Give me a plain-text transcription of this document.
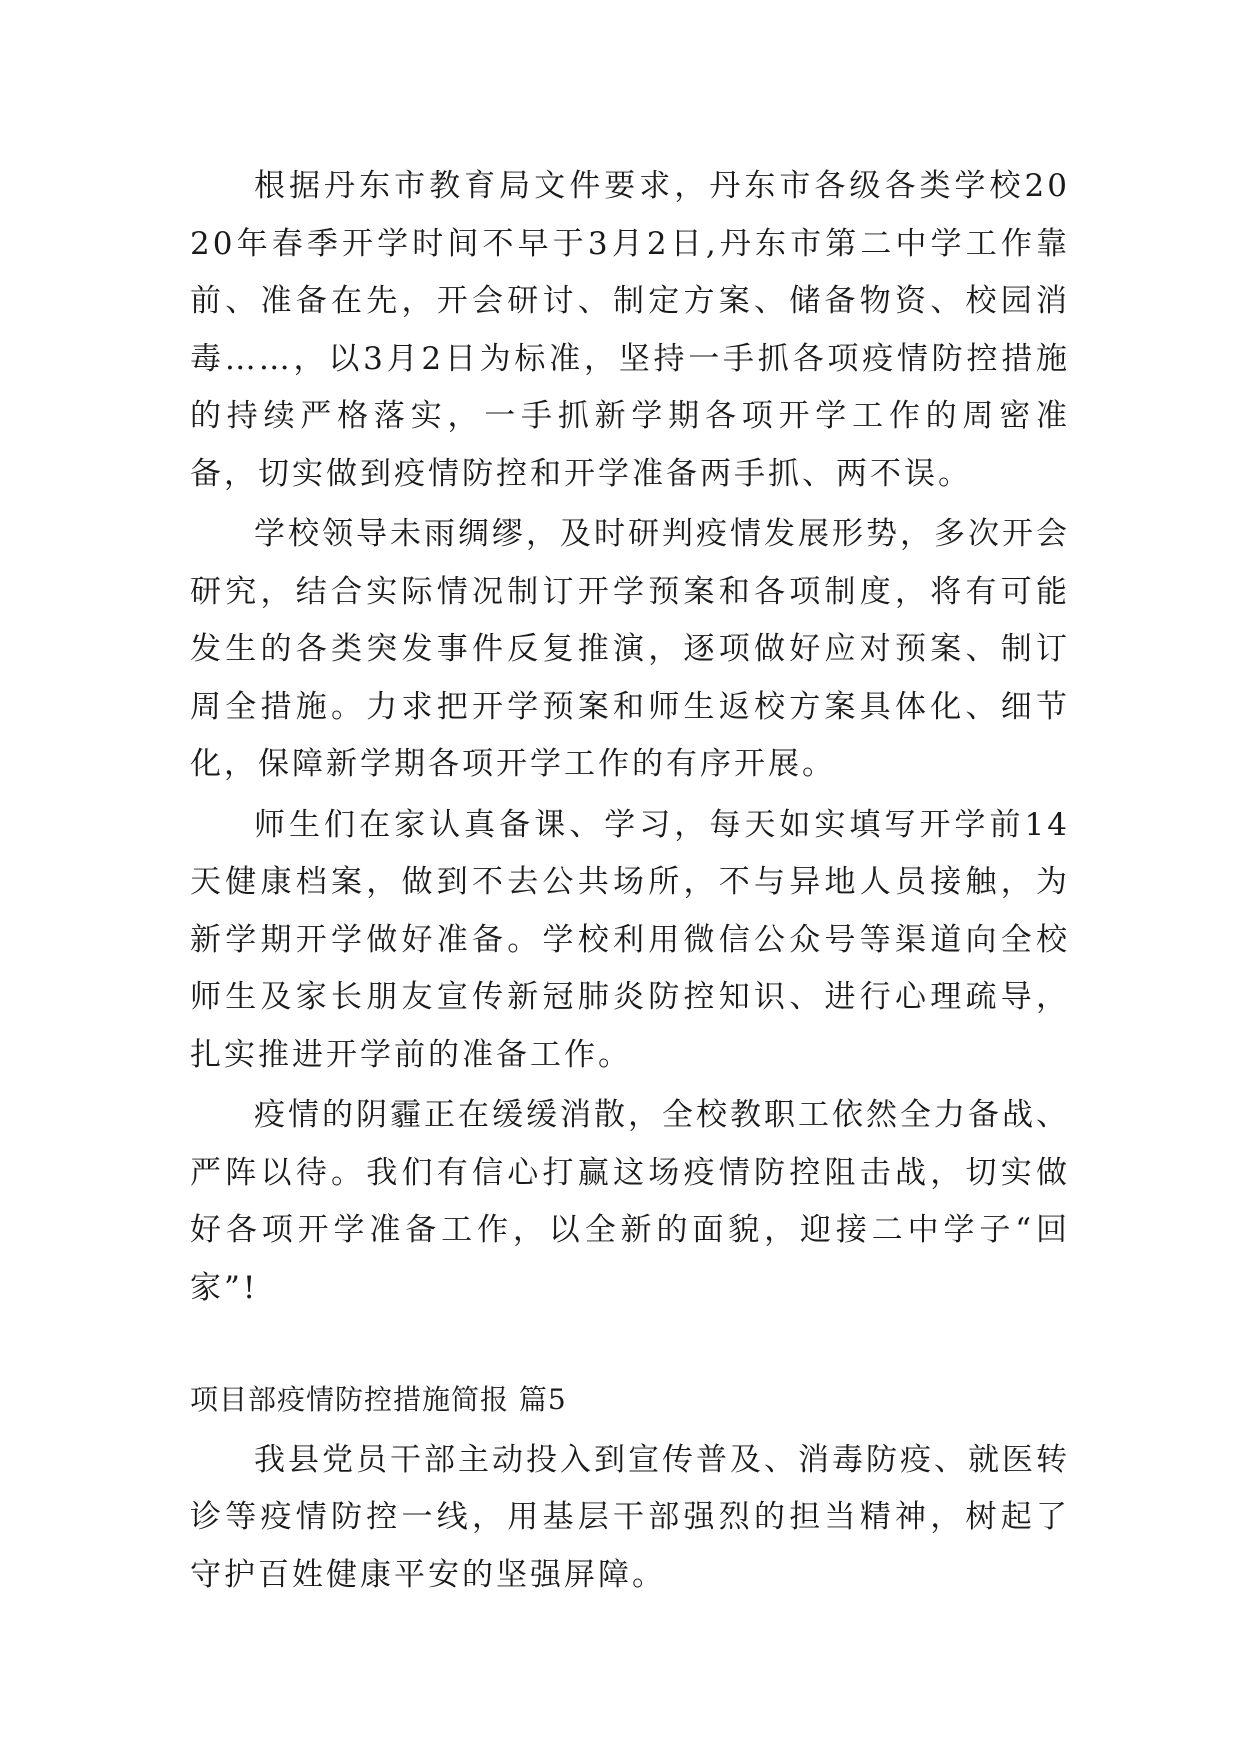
根据丹东市教育局文件要求，丹东市各级各类学校2020年春季开学时间不早于3月2日,丹东市第二中学工作靠前、准备在先，开会研讨、制定方案、储备物资、校园消毒……，以3月2日为标准，坚持一手抓各项疫情防控措施的持续严格落实，一手抓新学期各项开学工作的周密准备，切实做到疫情防控和开学准备两手抓、两不误。

学校领导未雨绸缪，及时研判疫情发展形势，多次开会研究，结合实际情况制订开学预案和各项制度，将有可能发生的各类突发事件反复推演，逐项做好应对预案、制订周全措施。力求把开学预案和师生返校方案具体化、细节化，保障新学期各项开学工作的有序开展。

师生们在家认真备课、学习，每天如实填写开学前14天健康档案，做到不去公共场所，不与异地人员接触，为新学期开学做好准备。学校利用微信公众号等渠道向全校师生及家长朋友宣传新冠肺炎防控知识、进行心理疏导，扎实推进开学前的准备工作。

疫情的阴霾正在缓缓消散，全校教职工依然全力备战、严阵以待。我们有信心打赢这场疫情防控阻击战，切实做好各项开学准备工作，以全新的面貌，迎接二中学子“回家”!

项目部疫情防控措施简报 篇5

我县党员干部主动投入到宣传普及、消毒防疫、就医转诊等疫情防控一线，用基层干部强烈的担当精神，树起了守护百姓健康平安的坚强屏障。
